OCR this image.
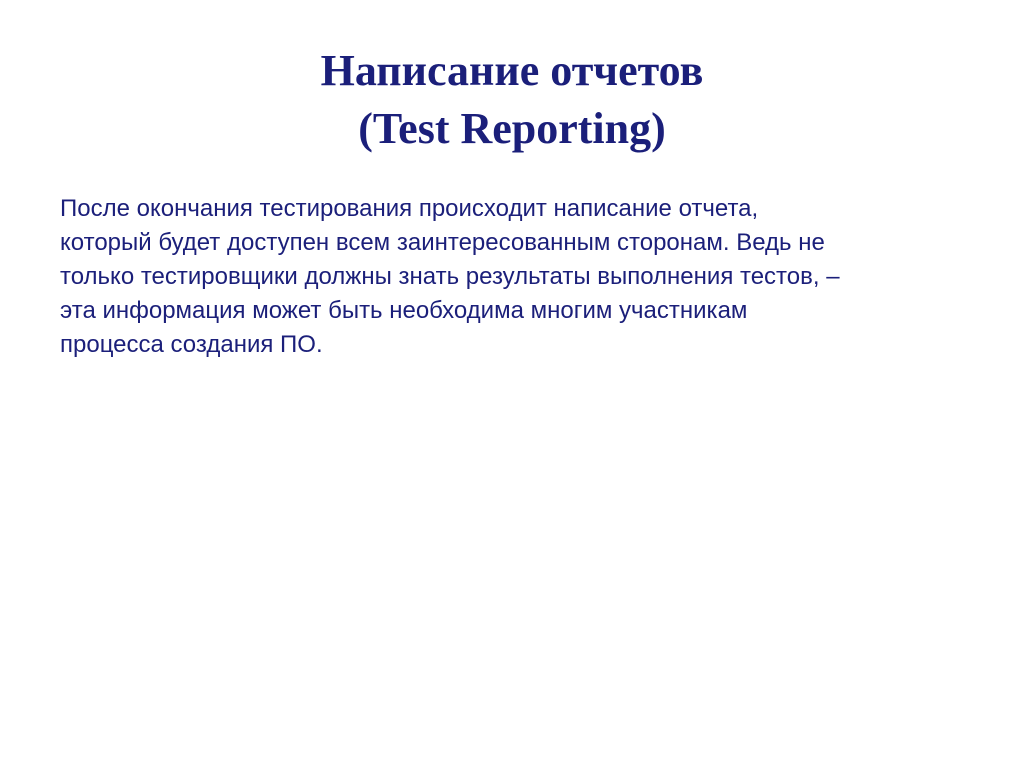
Написание отчетов
(Test Reporting)

После окончания тестирования происходит написание отчета,
который будет доступен всем заинтересованным сторонам. Ведь не
только тестировщики должны знать результаты выполнения тестов, –
эта информация может быть необходима многим участникам
процесса создания ПО.
